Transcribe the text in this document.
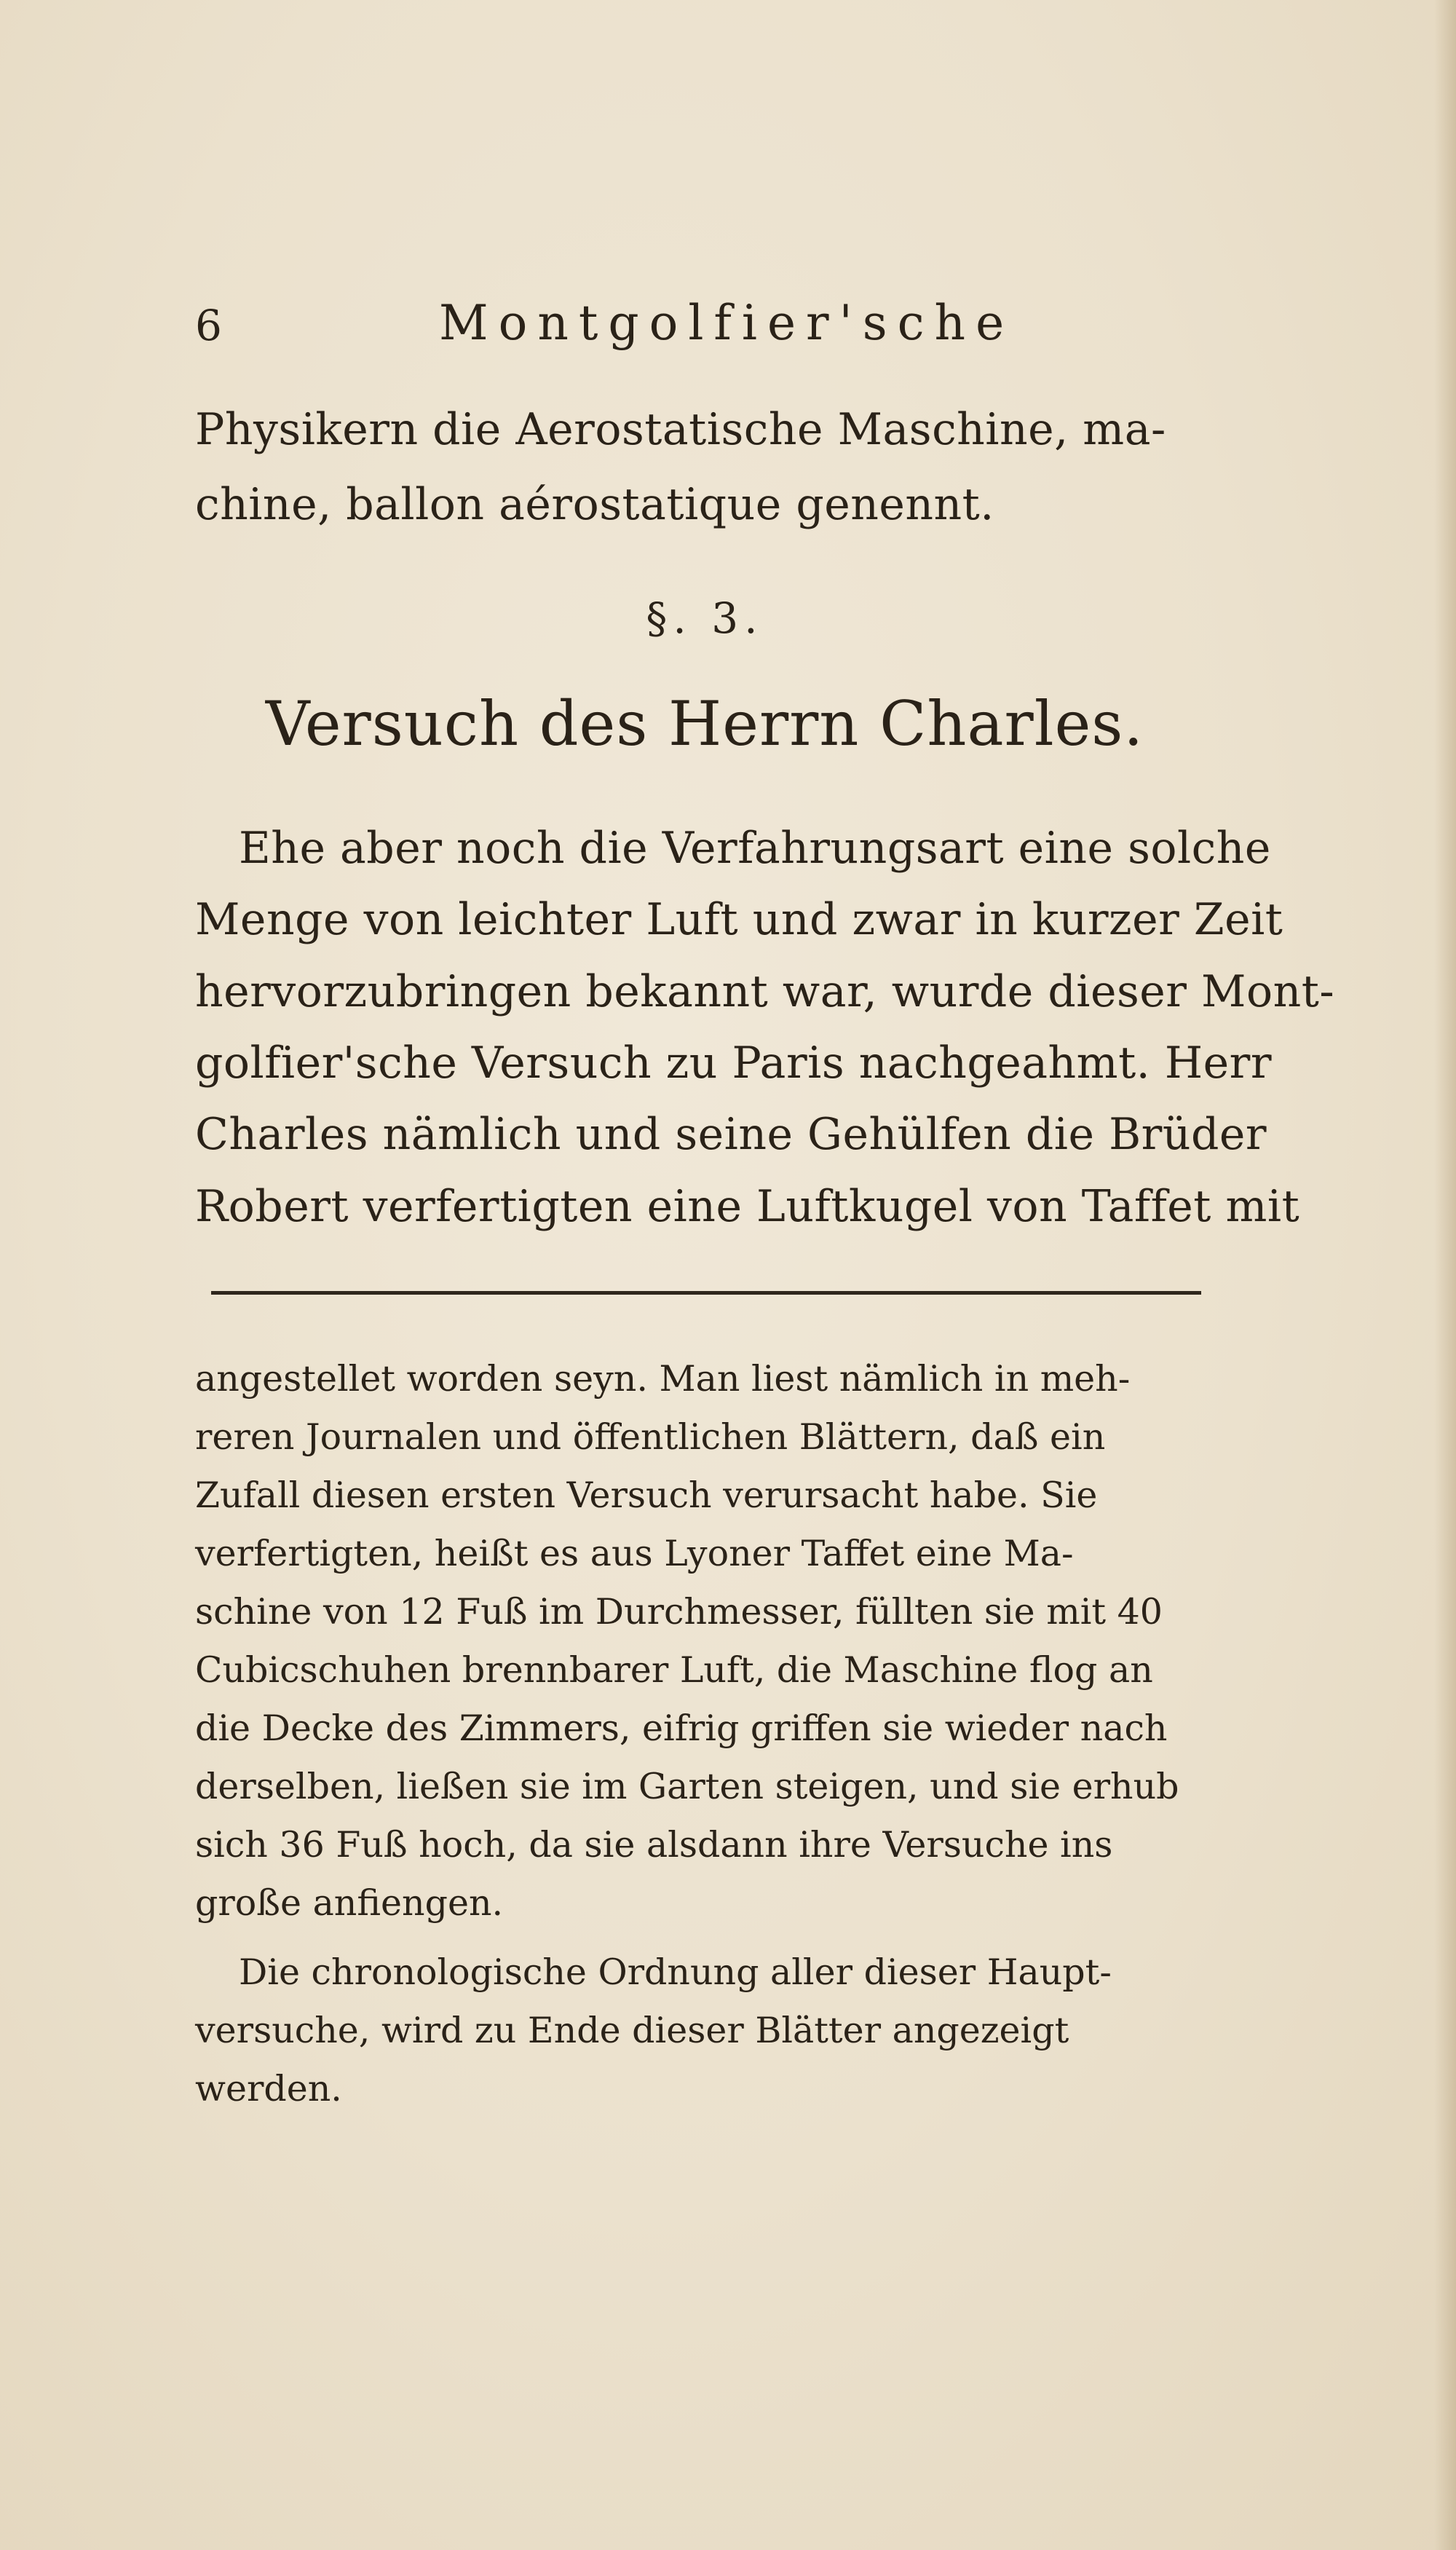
6	Montgolfier'sche
Physikern die Aerostatische Maschine, ma-
chine, ballon aérostatique genennt.
§. 3.
Versuch des Herrn Charles.
Ehe aber noch die Verfahrungsart eine solche
Menge von leichter Luft und zwar in kurzer Zeit
hervorzubringen bekannt war, wurde dieser Mont-
golfier'sche Versuch zu Paris nachgeahmt. Herr
Charles nämlich und seine Gehülfen die Brüder
Robert verfertigten eine Luftkugel von Taffet mit
angestellet worden seyn. Man liest nämlich in meh-
reren Journalen und öffentlichen Blättern, daß ein
Zufall diesen ersten Versuch verursacht habe. Sie
verfertigten, heißt es aus Lyoner Taffet eine Ma-
schine von 12 Fuß im Durchmesser, füllten sie mit 40
Cubicschuhen brennbarer Luft, die Maschine flog an
die Decke des Zimmers, eifrig griffen sie wieder nach
derselben, ließen sie im Garten steigen, und sie erhub
sich 36 Fuß hoch, da sie alsdann ihre Versuche ins
große anfiengen.
Die chronologische Ordnung aller dieser Haupt-
versuche, wird zu Ende dieser Blätter angezeigt
werden.
